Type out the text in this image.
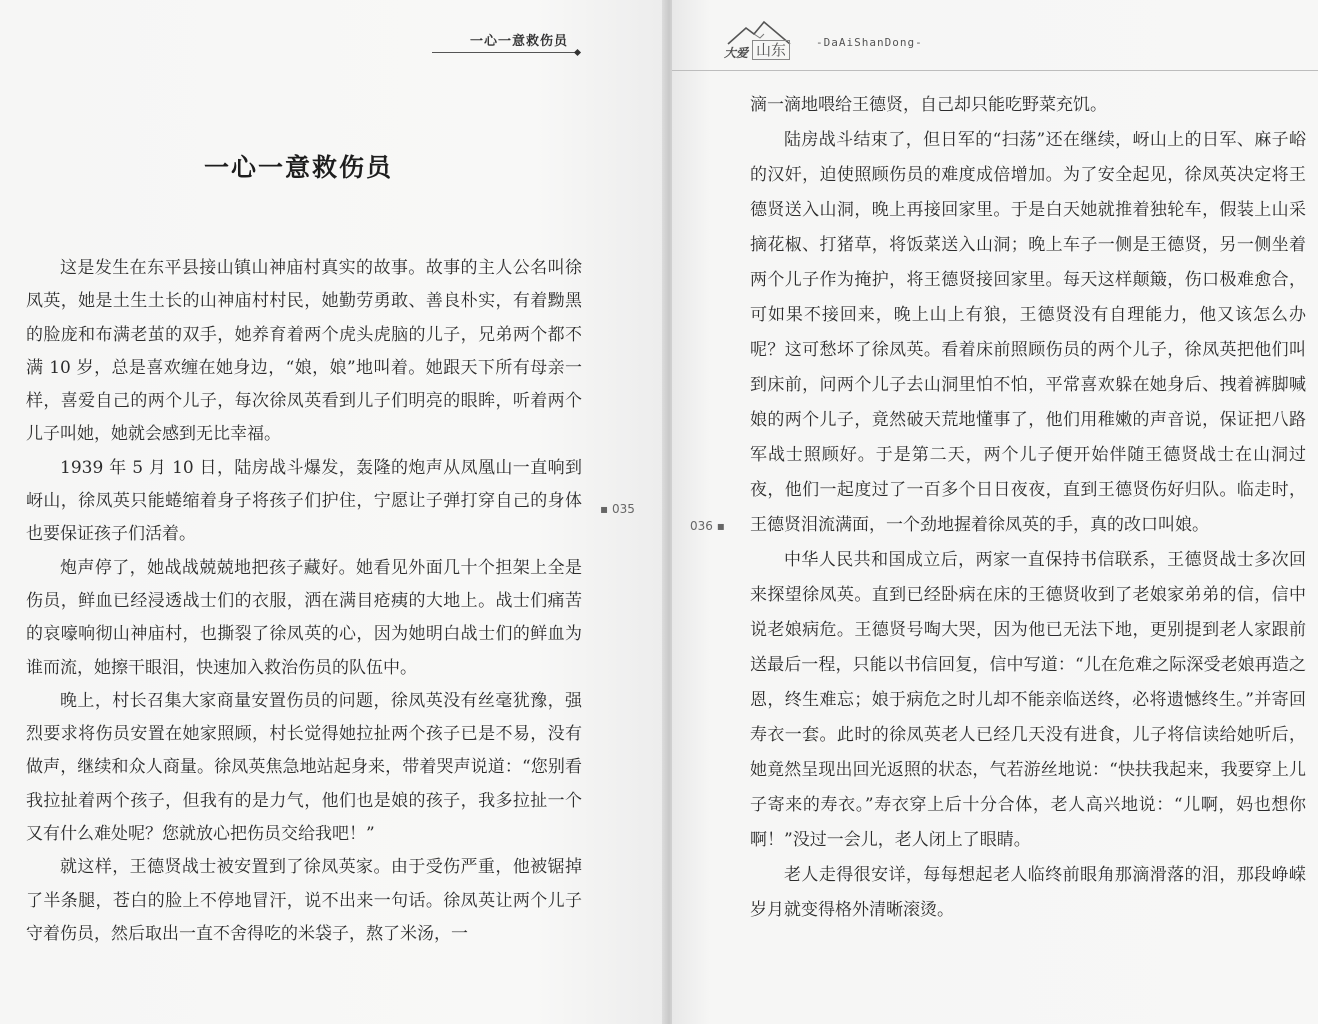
一心一意救伤员
一心一意救伤员

这是发生在东平县接山镇山神庙村真实的故事。故事的主人公名叫徐凤英，她是土生土长的山神庙村村民，她勤劳勇敢、善良朴实，有着黝黑的脸庞和布满老茧的双手，她养育着两个虎头虎脑的儿子，兄弟两个都不满 10 岁，总是喜欢缠在她身边，“娘，娘”地叫着。她跟天下所有母亲一样，喜爱自己的两个儿子，每次徐凤英看到儿子们明亮的眼眸，听着两个儿子叫她，她就会感到无比幸福。

1939 年 5 月 10 日，陆房战斗爆发，轰隆的炮声从凤凰山一直响到岈山，徐凤英只能蜷缩着身子将孩子们护住，宁愿让子弹打穿自己的身体也要保证孩子们活着。

炮声停了，她战战兢兢地把孩子藏好。她看见外面几十个担架上全是伤员，鲜血已经浸透战士们的衣服，洒在满目疮痍的大地上。战士们痛苦的哀嚎响彻山神庙村，也撕裂了徐凤英的心，因为她明白战士们的鲜血为谁而流，她擦干眼泪，快速加入救治伤员的队伍中。

晚上，村长召集大家商量安置伤员的问题，徐凤英没有丝毫犹豫，强烈要求将伤员安置在她家照顾，村长觉得她拉扯两个孩子已是不易，没有做声，继续和众人商量。徐凤英焦急地站起身来，带着哭声说道：“您别看我拉扯着两个孩子，但我有的是力气，他们也是娘的孩子，我多拉扯一个又有什么难处呢？您就放心把伤员交给我吧！”

就这样，王德贤战士被安置到了徐凤英家。由于受伤严重，他被锯掉了半条腿，苍白的脸上不停地冒汗，说不出来一句话。徐凤英让两个儿子守着伤员，然后取出一直不舍得吃的米袋子，熬了米汤，一

▪ 035
大爱 山东	-DaAiShanDong-

滴一滴地喂给王德贤，自己却只能吃野菜充饥。

陆房战斗结束了，但日军的“扫荡”还在继续，岈山上的日军、麻子峪的汉奸，迫使照顾伤员的难度成倍增加。为了安全起见，徐凤英决定将王德贤送入山洞，晚上再接回家里。于是白天她就推着独轮车，假装上山采摘花椒、打猪草，将饭菜送入山洞；晚上车子一侧是王德贤，另一侧坐着两个儿子作为掩护，将王德贤接回家里。每天这样颠簸，伤口极难愈合，可如果不接回来，晚上山上有狼，王德贤没有自理能力，他又该怎么办呢？这可愁坏了徐凤英。看着床前照顾伤员的两个儿子，徐凤英把他们叫到床前，问两个儿子去山洞里怕不怕，平常喜欢躲在她身后、拽着裤脚喊娘的两个儿子，竟然破天荒地懂事了，他们用稚嫩的声音说，保证把八路军战士照顾好。于是第二天，两个儿子便开始伴随王德贤战士在山洞过夜，他们一起度过了一百多个日日夜夜，直到王德贤伤好归队。临走时，王德贤泪流满面，一个劲地握着徐凤英的手，真的改口叫娘。

中华人民共和国成立后，两家一直保持书信联系，王德贤战士多次回来探望徐凤英。直到已经卧病在床的王德贤收到了老娘家弟弟的信，信中说老娘病危。王德贤号啕大哭，因为他已无法下地，更别提到老人家跟前送最后一程，只能以书信回复，信中写道：“儿在危难之际深受老娘再造之恩，终生难忘；娘于病危之时儿却不能亲临送终，必将遗憾终生。”并寄回寿衣一套。此时的徐凤英老人已经几天没有进食，儿子将信读给她听后，她竟然呈现出回光返照的状态，气若游丝地说：“快扶我起来，我要穿上儿子寄来的寿衣。”寿衣穿上后十分合体，老人高兴地说：“儿啊，妈也想你啊！”没过一会儿，老人闭上了眼睛。

老人走得很安详，每每想起老人临终前眼角那滴滑落的泪，那段峥嵘岁月就变得格外清晰滚烫。

036 ▪
